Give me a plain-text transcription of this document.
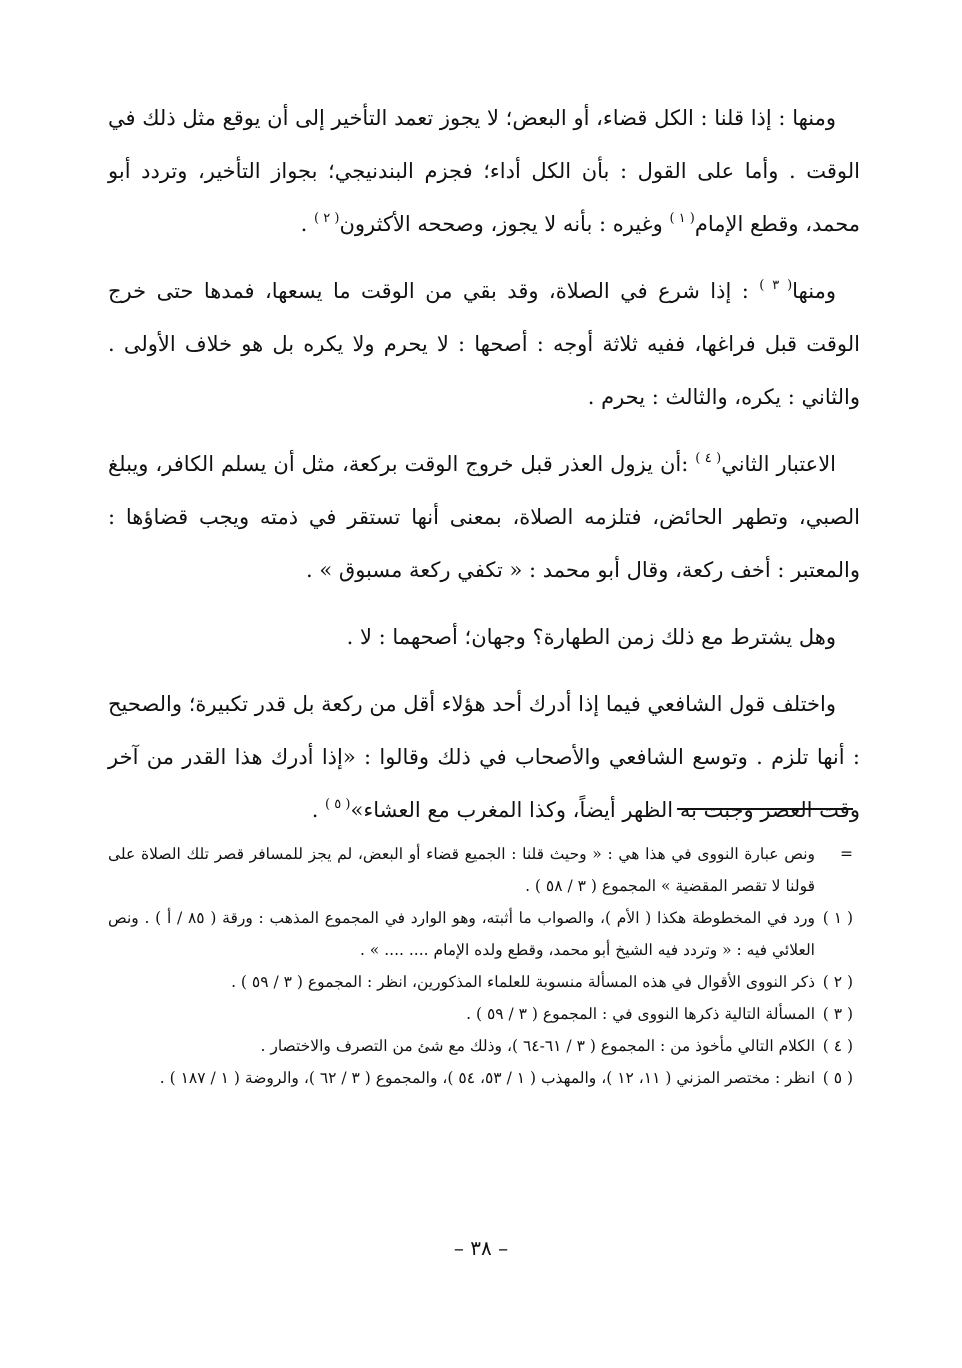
ومنها : إذا قلنا : الكل قضاء، أو البعض؛ لا يجوز تعمد التأخير إلى أن يوقع مثل ذلك في الوقت . وأما على القول : بأن الكل أداء؛ فجزم البندنيجي؛ بجواز التأخير، وتردد أبو محمد، وقطع الإمام$^{( ١ )}$ وغيره : بأنه لا يجوز، وصححه الأكثرون$^{( ٢ )}$ .

ومنها$^{( ٣ )}$ : إذا شرع في الصلاة، وقد بقي من الوقت ما يسعها، فمدها حتى خرج الوقت قبل فراغها، ففيه ثلاثة أوجه : أصحها : لا يحرم ولا يكره بل هو خلاف الأولى . والثاني : يكره، والثالث : يحرم .

الاعتبار الثاني$^{( ٤ )}$ :أن يزول العذر قبل خروج الوقت بركعة، مثل أن يسلم الكافر، ويبلغ الصبي، وتطهر الحائض، فتلزمه الصلاة، بمعنى أنها تستقر في ذمته ويجب قضاؤها : والمعتبر : أخف ركعة، وقال أبو محمد : « تكفي ركعة مسبوق » .

وهل يشترط مع ذلك زمن الطهارة؟ وجهان؛ أصحهما : لا .

واختلف قول الشافعي فيما إذا أدرك أحد هؤلاء أقل من ركعة بل قدر تكبيرة؛ والصحيح : أنها تلزم . وتوسع الشافعي والأصحاب في ذلك وقالوا : «إذا أدرك هذا القدر من آخر وقت العصر وجبت به الظهر أيضاً، وكذا المغرب مع العشاء»$^{( ٥ )}$ .

=
ونص عبارة النووى في هذا هي : « وحيث قلنا : الجميع قضاء أو البعض، لم يجز للمسافر قصر تلك الصلاة على قولنا لا تقصر المقضية » المجموع ( ٣ / ٥٨ ) .

( ١ )
ورد في المخطوطة هكذا ( الأم )، والصواب ما أثبته، وهو الوارد في المجموع المذهب : ورقة ( ٨٥ / أ ) . ونص العلائي فيه : « وتردد فيه الشيخ أبو محمد، وقطع ولده الإمام .... .... » .

( ٢ )
ذكر النووى الأقوال في هذه المسألة منسوبة للعلماء المذكورين، انظر : المجموع ( ٣ / ٥٩ ) .

( ٣ )
المسألة التالية ذكرها النووى في : المجموع ( ٣ / ٥٩ ) .

( ٤ )
الكلام التالي مأخوذ من : المجموع ( ٣ / ٦١-٦٤ )، وذلك مع شئ من التصرف والاختصار .

( ٥ )
انظر : مختصر المزني ( ١١، ١٢ )، والمهذب ( ١ / ٥٣، ٥٤ )، والمجموع ( ٣ / ٦٢ )، والروضة ( ١ / ١٨٧ ) .

– ٣٨ –
